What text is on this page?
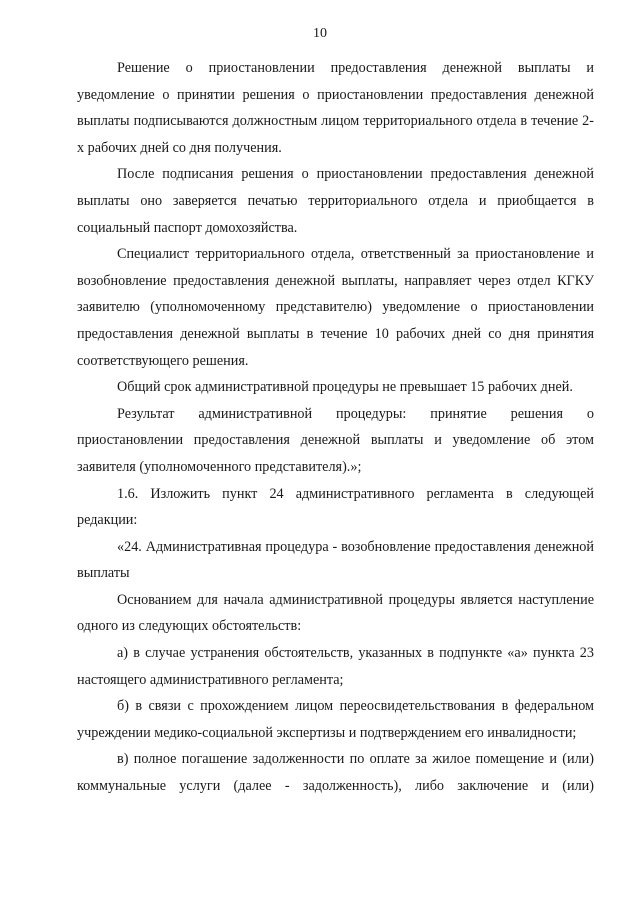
10

Решение о приостановлении предоставления денежной выплаты и уведомление о принятии решения о приостановлении предоставления денежной выплаты подписываются должностным лицом территориального отдела в течение 2-х рабочих дней со дня получения.

После подписания решения о приостановлении предоставления денежной выплаты оно заверяется печатью территориального отдела и приобщается в социальный паспорт домохозяйства.

Специалист территориального отдела, ответственный за приостановление и возобновление предоставления денежной выплаты, направляет через отдел КГКУ заявителю (уполномоченному представителю) уведомление о приостановлении предоставления денежной выплаты в течение 10 рабочих дней со дня принятия соответствующего решения.

Общий срок административной процедуры не превышает 15 рабочих дней.

Результат административной процедуры: принятие решения о приостановлении предоставления денежной выплаты и уведомление об этом заявителя (уполномоченного представителя).»;

1.6. Изложить пункт 24 административного регламента в следующей редакции:

«24. Административная процедура - возобновление предоставления денежной выплаты

Основанием для начала административной процедуры является наступление одного из следующих обстоятельств:

а) в случае устранения обстоятельств, указанных в подпункте «а» пункта 23 настоящего административного регламента;

б) в связи с прохождением лицом переосвидетельствования в федеральном учреждении медико-социальной экспертизы и подтверждением его инвалидности;

в) полное погашение задолженности по оплате за жилое помещение и (или) коммунальные услуги (далее - задолженность), либо заключение и (или)
